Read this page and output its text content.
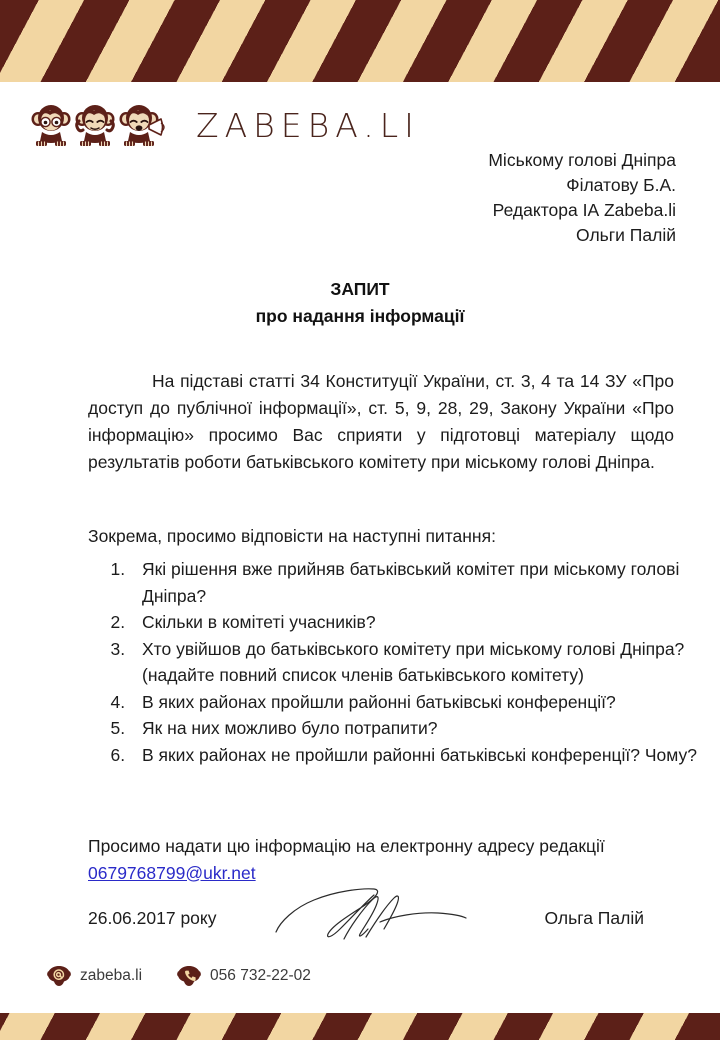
ZABEBA.LI
Міському голові Дніпра
Філатову Б.А.
Редактора ІА Zabeba.li
Ольги Палій
ЗАПИТ
про надання інформації

На підставі статті 34 Конституції України, ст. 3, 4 та 14 ЗУ «Про доступ до публічної інформації», ст. 5, 9, 28, 29, Закону України «Про інформацію» просимо Вас сприяти у підготовці матеріалу щодо результатів роботи батьківського комітету при міському голові Дніпра.

Зокрема, просимо відповісти на наступні питання:

1. Які рішення вже прийняв батьківський комітет при міському голові Дніпра?
2. Скільки в комітеті учасників?
3. Хто увійшов до батьківського комітету при міському голові Дніпра? (надайте повний список членів батьківського комітету)
4. В яких районах пройшли районні батьківські конференції?
5. Як на них можливо було потрапити?
6. В яких районах не пройшли районні батьківські конференції? Чому?

Просимо надати цю інформацію на електронну адресу редакції
0679768799@ukr.net

26.06.2017 року	Ольга Палій
zabeba.li	056 732-22-02
